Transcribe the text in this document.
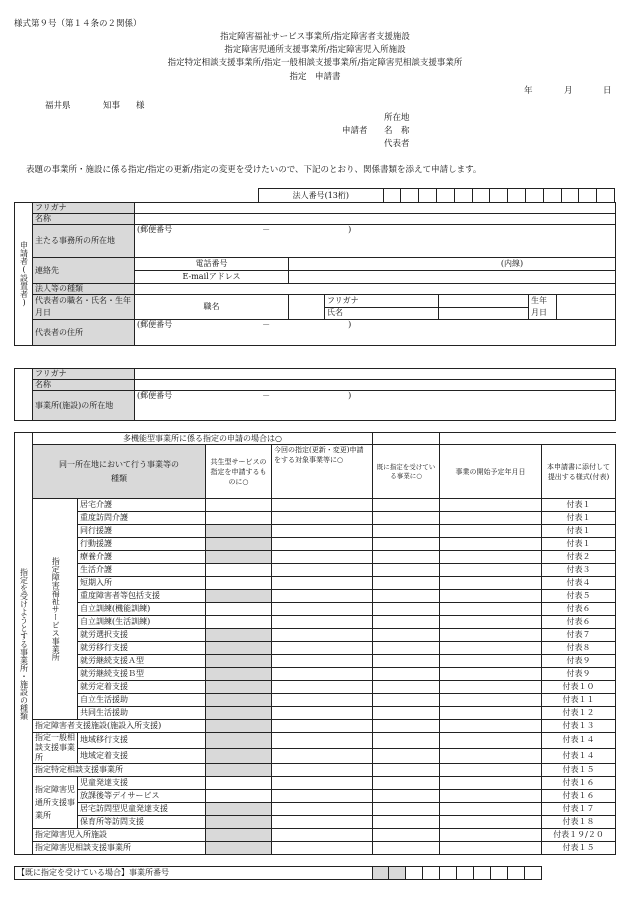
様式第９号（第１４条の２関係）
指定障害福祉サービス事業所/指定障害者支援施設
指定障害児通所支援事業所/指定障害児入所施設
指定特定相談支援事業所/指定一般相談支援事業所/指定障害児相談支援事業所
指定　申請書
年	月	日
福井県	知事 様
所在地
申請者 名　称
代表者
表題の事業所・施設に係る指定/指定の更新/指定の変更を受けたいので、下記のとおり、関係書類を添えて申請します。
法人番号(13桁)													
申請者(設置者)	フリガナ						
	名称						
	主たる事務所の所在地	(郵便番号 － )					
	連絡先	電話番号	(内線)				
		E-mailアドレス					
	法人等の種類						
	代表者の職名・氏名・生年月日	職名		フリガナ		生年月日	
				氏名			
	代表者の住所	(郵便番号 － )					
	フリガナ	
	名称	
	事業所(施設)の所在地	(郵便番号 － )
指定を受けようとする事業所・施設の種類	多機能型事業所に係る指定の申請の場合は○						
	同一所在地において行う事業等の種類		共生型サービスの指定を申請するものに○	今回の指定(更新・変更)申請をする対象事業等に○	既に指定を受けている事業に○	事業の開始予定年月日	本申請書に添付して提出する様式(付表)

	指定障害福祉サービス事業所	居宅介護					付表１
		重度訪問介護					付表１
		同行援護					付表１
		行動援護					付表１
		療養介護					付表２
		生活介護					付表３
		短期入所					付表４
		重度障害者等包括支援					付表５
		自立訓練(機能訓練)					付表６
		自立訓練(生活訓練)					付表６
		就労選択支援					付表７
		就労移行支援					付表８
		就労継続支援Ａ型					付表９
		就労継続支援Ｂ型					付表９
		就労定着支援					付表１０
		自立生活援助					付表１１
		共同生活援助					付表１２
	指定障害者支援施設(施設入所支援)						付表１３
	指定一般相談支援事業所	地域移行支援					付表１４
		地域定着支援					付表１４
	指定特定相談支援事業所						付表１５
	指定障害児通所支援事業所	児童発達支援					付表１６
		放課後等デイサービス					付表１６
		居宅訪問型児童発達支援					付表１７
		保育所等訪問支援					付表１８
	指定障害児入所施設						付表１９/２０
	指定障害児相談支援事業所						付表１５
【既に指定を受けている場合】事業所番号										
